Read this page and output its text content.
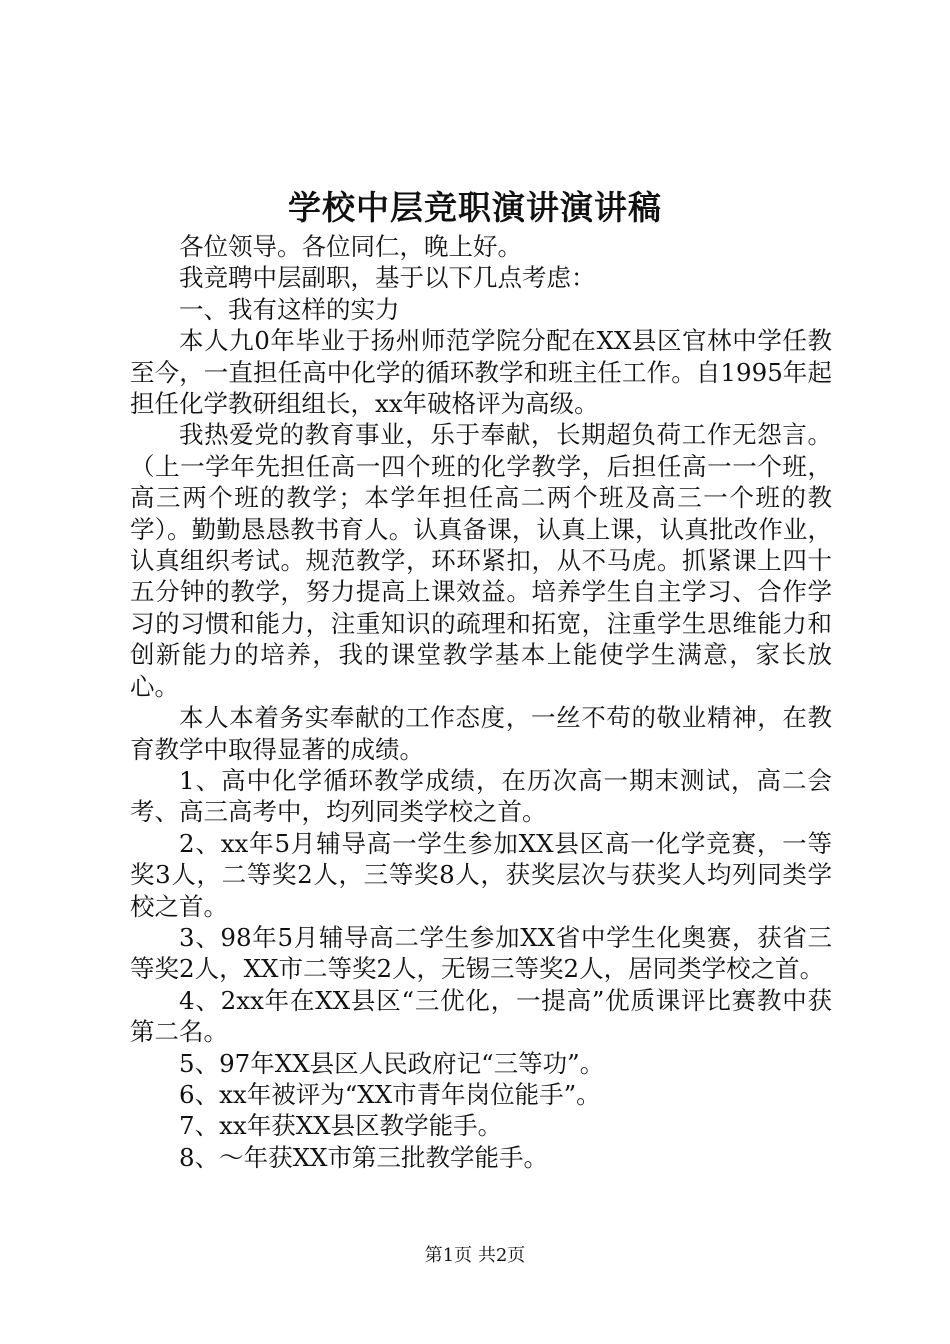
学校中层竞职演讲演讲稿

各位领导。各位同仁，晚上好。

我竞聘中层副职，基于以下几点考虑：

一、我有这样的实力

本人九0年毕业于扬州师范学院分配在XX县区官林中学任教至今，一直担任高中化学的循环教学和班主任工作。自1995年起担任化学教研组组长，xx年破格评为高级。

我热爱党的教育事业，乐于奉献，长期超负荷工作无怨言。（上一学年先担任高一四个班的化学教学，后担任高一一个班，高三两个班的教学；本学年担任高二两个班及高三一个班的教学）。勤勤恳恳教书育人。认真备课，认真上课，认真批改作业，认真组织考试。规范教学，环环紧扣，从不马虎。抓紧课上四十五分钟的教学，努力提高上课效益。培养学生自主学习、合作学习的习惯和能力，注重知识的疏理和拓宽，注重学生思维能力和创新能力的培养，我的课堂教学基本上能使学生满意，家长放心。

本人本着务实奉献的工作态度，一丝不苟的敬业精神，在教育教学中取得显著的成绩。

1、高中化学循环教学成绩，在历次高一期末测试，高二会考、高三高考中，均列同类学校之首。

2、xx年5月辅导高一学生参加XX县区高一化学竞赛，一等奖3人，二等奖2人，三等奖8人，获奖层次与获奖人均列同类学校之首。

3、98年5月辅导高二学生参加XX省中学生化奥赛，获省三等奖2人，XX市二等奖2人，无锡三等奖2人，居同类学校之首。

4、2xx年在XX县区“三优化，一提高”优质课评比赛教中获第二名。

5、97年XX县区人民政府记“三等功”。

6、xx年被评为“XX市青年岗位能手”。

7、xx年获XX县区教学能手。

8、～年获XX市第三批教学能手。

第1页 共2页
